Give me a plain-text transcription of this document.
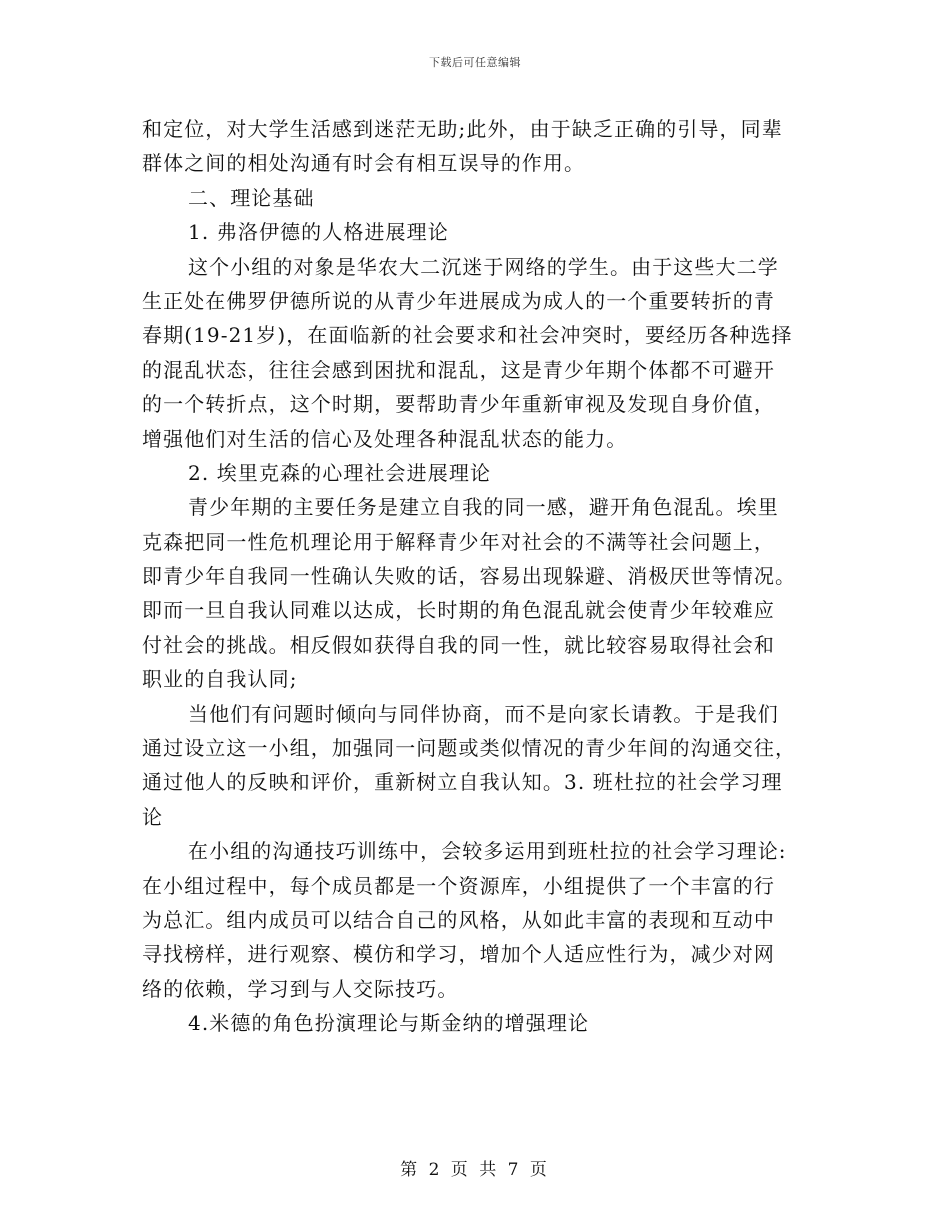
下载后可任意编辑
和定位，对大学生活感到迷茫无助;此外，由于缺乏正确的引导，同辈
群体之间的相处沟通有时会有相互误导的作用。
二、理论基础
1. 弗洛伊德的人格进展理论
这个小组的对象是华农大二沉迷于网络的学生。由于这些大二学
生正处在佛罗伊德所说的从青少年进展成为成人的一个重要转折的青
春期(19-21岁)，在面临新的社会要求和社会冲突时，要经历各种选择
的混乱状态，往往会感到困扰和混乱，这是青少年期个体都不可避开
的一个转折点，这个时期，要帮助青少年重新审视及发现自身价值，
增强他们对生活的信心及处理各种混乱状态的能力。
2. 埃里克森的心理社会进展理论
青少年期的主要任务是建立自我的同一感，避开角色混乱。埃里
克森把同一性危机理论用于解释青少年对社会的不满等社会问题上，
即青少年自我同一性确认失败的话，容易出现躲避、消极厌世等情况。
即而一旦自我认同难以达成，长时期的角色混乱就会使青少年较难应
付社会的挑战。相反假如获得自我的同一性，就比较容易取得社会和
职业的自我认同;
当他们有问题时倾向与同伴协商，而不是向家长请教。于是我们
通过设立这一小组，加强同一问题或类似情况的青少年间的沟通交往，
通过他人的反映和评价，重新树立自我认知。3. 班杜拉的社会学习理
论
在小组的沟通技巧训练中，会较多运用到班杜拉的社会学习理论:
在小组过程中，每个成员都是一个资源库，小组提供了一个丰富的行
为总汇。组内成员可以结合自己的风格，从如此丰富的表现和互动中
寻找榜样，进行观察、模仿和学习，增加个人适应性行为，减少对网
络的依赖，学习到与人交际技巧。
4.米德的角色扮演理论与斯金纳的增强理论
第 2 页 共 7 页
